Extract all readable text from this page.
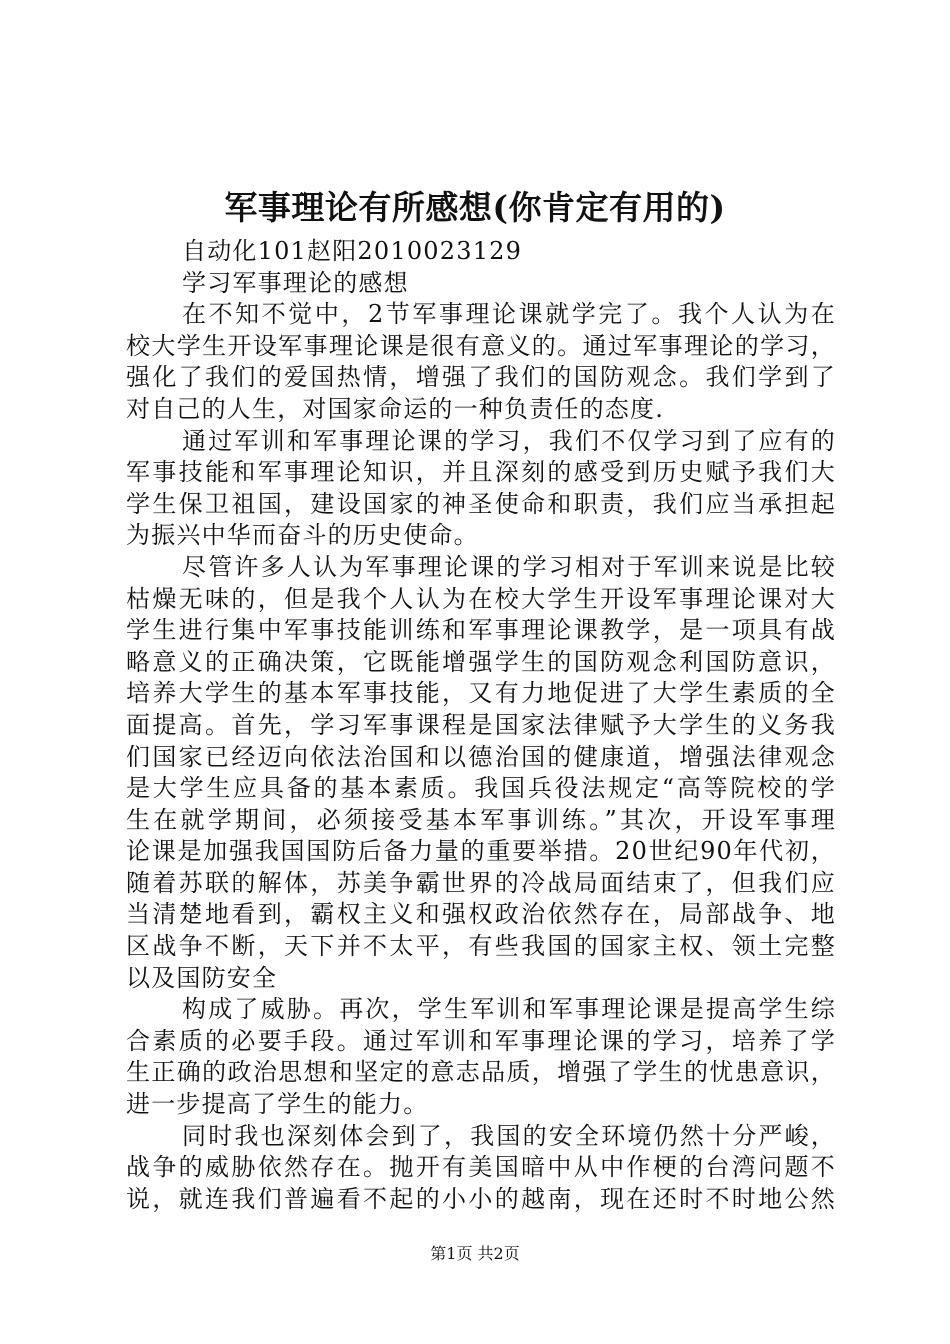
军事理论有所感想(你肯定有用的)
自动化101赵阳2010023129
学习军事理论的感想
在不知不觉中，2节军事理论课就学完了。我个人认为在
校大学生开设军事理论课是很有意义的。通过军事理论的学习，
强化了我们的爱国热情，增强了我们的国防观念。我们学到了
对自己的人生，对国家命运的一种负责任的态度.
通过军训和军事理论课的学习，我们不仅学习到了应有的
军事技能和军事理论知识，并且深刻的感受到历史赋予我们大
学生保卫祖国，建设国家的神圣使命和职责，我们应当承担起
为振兴中华而奋斗的历史使命。
尽管许多人认为军事理论课的学习相对于军训来说是比较
枯燥无味的，但是我个人认为在校大学生开设军事理论课对大
学生进行集中军事技能训练和军事理论课教学，是一项具有战
略意义的正确决策，它既能增强学生的国防观念利国防意识，
培养大学生的基本军事技能，又有力地促进了大学生素质的全
面提高。首先，学习军事课程是国家法律赋予大学生的义务我
们国家已经迈向依法治国和以德治国的健康道，增强法律观念
是大学生应具备的基本素质。我国兵役法规定“高等院校的学
生在就学期间，必须接受基本军事训练。”其次，开设军事理
论课是加强我国国防后备力量的重要举措。20世纪90年代初，
随着苏联的解体，苏美争霸世界的冷战局面结束了，但我们应
当清楚地看到，霸权主义和强权政治依然存在，局部战争、地
区战争不断，天下并不太平，有些我国的国家主权、领土完整
以及国防安全
构成了威胁。再次，学生军训和军事理论课是提高学生综
合素质的必要手段。通过军训和军事理论课的学习，培养了学
生正确的政治思想和坚定的意志品质，增强了学生的忧患意识，
进一步提高了学生的能力。
同时我也深刻体会到了，我国的安全环境仍然十分严峻，
战争的威胁依然存在。抛开有美国暗中从中作梗的台湾问题不
说，就连我们普遍看不起的小小的越南，现在还时不时地公然
第1页 共2页
